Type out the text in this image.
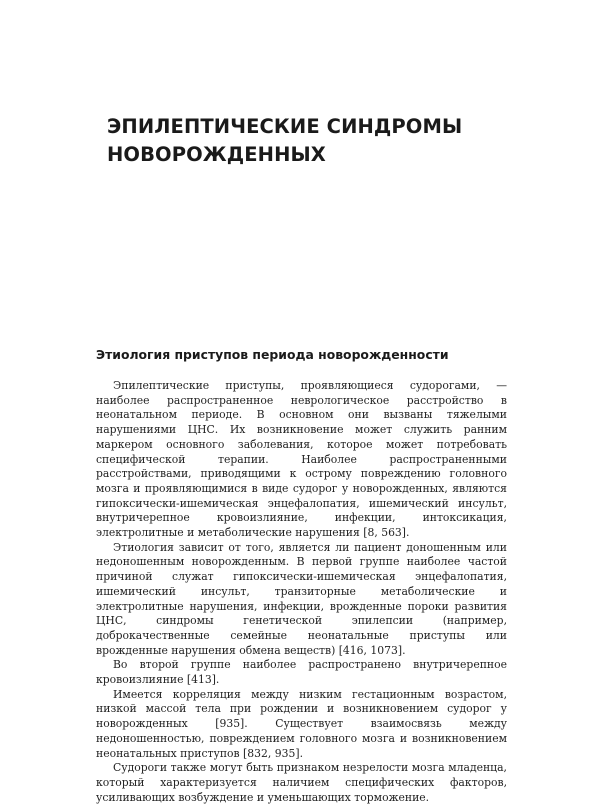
ЭПИЛЕПТИЧЕСКИЕ СИНДРОМЫ
НОВОРОЖДЕННЫХ
Этиология приступов периода новорожденности

Эпилептические приступы, проявляющиеся судорогами, — наиболее распространенное неврологическое расстройство в неонатальном периоде. В основном они вызваны тяжелыми нарушениями ЦНС. Их возникновение может служить ранним маркером основного заболевания, которое может потребовать специфической терапии. Наиболее распространенными расстройствами, приводящими к острому повреждению головного мозга и проявляющимися в виде судорог у новорожденных, являются гипоксически-ишемическая энцефалопатия, ишемический инсульт, внутричерепное кровоизлияние, инфекции, интоксикация, электролитные и метаболические нарушения [8, 563].

Этиология зависит от того, является ли пациент доношенным или недоношенным новорожденным. В первой группе наиболее частой причиной служат гипоксически-ишемическая энцефалопатия, ишемический инсульт, транзиторные метаболические и электролитные нарушения, инфекции, врожденные пороки развития ЦНС, синдромы генетической эпилепсии (например, доброкачественные семейные неонатальные приступы или врожденные нарушения обмена веществ) [416, 1073].

Во второй группе наиболее распространено внутричерепное кровоизлияние [413].

Имеется корреляция между низким гестационным возрастом, низкой массой тела при рождении и возникновением судорог у новорожденных [935]. Существует взаимосвязь между недоношенностью, повреждением головного мозга и возникновением неонатальных приступов [832, 935].

Судороги также могут быть признаком незрелости мозга младенца, который характеризуется наличием специфических факторов, усиливающих возбуждение и уменьшающих торможение.
